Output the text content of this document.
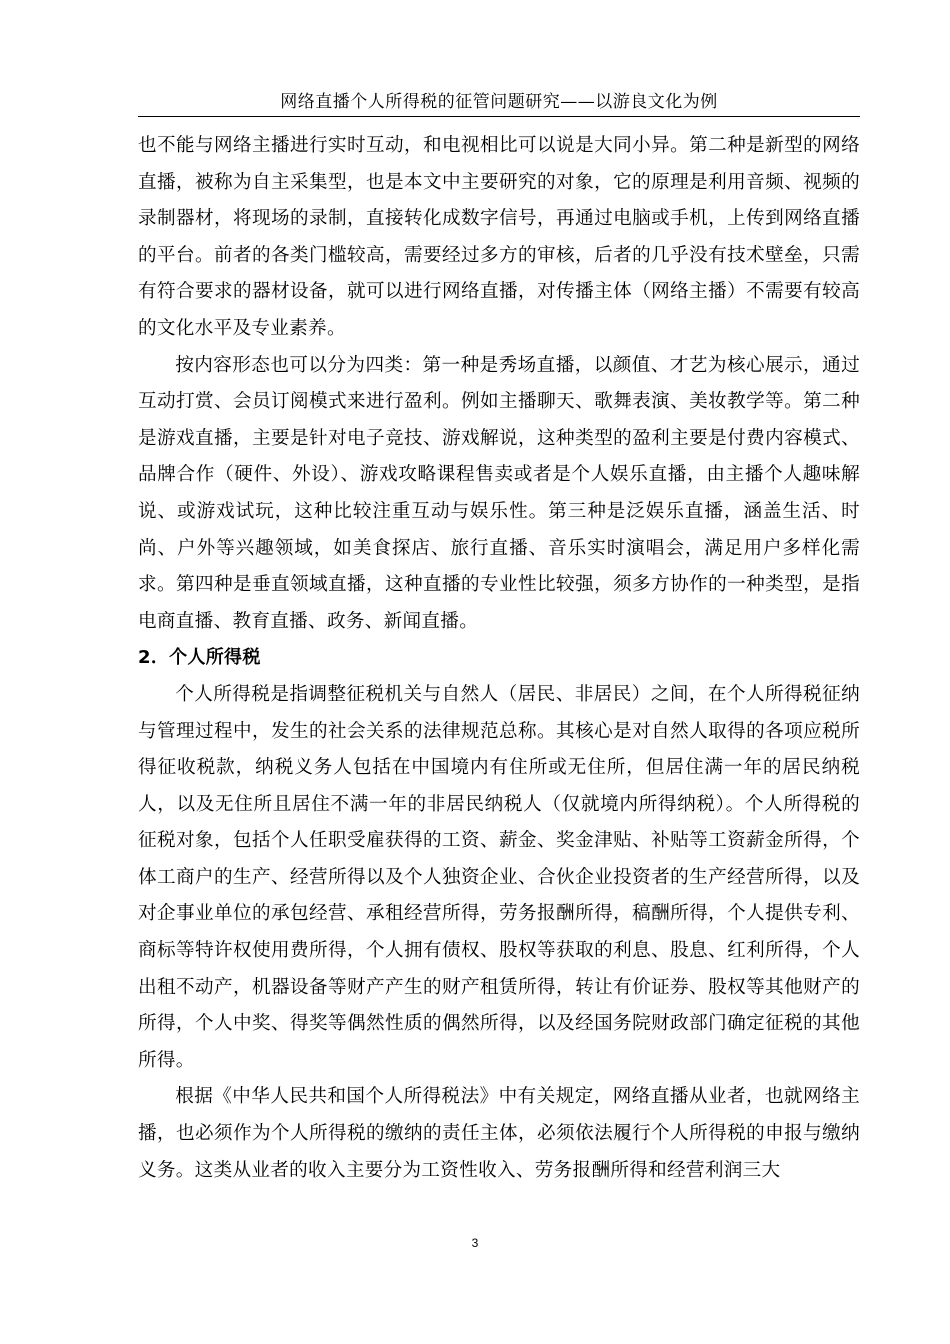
网络直播个人所得税的征管问题研究——以游良文化为例

也不能与网络主播进行实时互动，和电视相比可以说是大同小异。第二种是新型的网络直播，被称为自主采集型，也是本文中主要研究的对象，它的原理是利用音频、视频的录制器材，将现场的录制，直接转化成数字信号，再通过电脑或手机，上传到网络直播的平台。前者的各类门槛较高，需要经过多方的审核，后者的几乎没有技术壁垒，只需有符合要求的器材设备，就可以进行网络直播，对传播主体（网络主播）不需要有较高的文化水平及专业素养。

按内容形态也可以分为四类：第一种是秀场直播，以颜值、才艺为核心展示，通过互动打赏、会员订阅模式来进行盈利。例如主播聊天、歌舞表演、美妆教学等。第二种是游戏直播，主要是针对电子竞技、游戏解说，这种类型的盈利主要是付费内容模式、品牌合作（硬件、外设）、游戏攻略课程售卖或者是个人娱乐直播，由主播个人趣味解说、或游戏试玩，这种比较注重互动与娱乐性。第三种是泛娱乐直播，涵盖生活、时尚、户外等兴趣领域，如美食探店、旅行直播、音乐实时演唱会，满足用户多样化需求。第四种是垂直领域直播，这种直播的专业性比较强，须多方协作的一种类型，是指电商直播、教育直播、政务、新闻直播。

2．个人所得税

个人所得税是指调整征税机关与自然人（居民、非居民）之间，在个人所得税征纳与管理过程中，发生的社会关系的法律规范总称。其核心是对自然人取得的各项应税所得征收税款，纳税义务人包括在中国境内有住所或无住所，但居住满一年的居民纳税人，以及无住所且居住不满一年的非居民纳税人（仅就境内所得纳税）。个人所得税的征税对象，包括个人任职受雇获得的工资、薪金、奖金津贴、补贴等工资薪金所得，个体工商户的生产、经营所得以及个人独资企业、合伙企业投资者的生产经营所得，以及对企事业单位的承包经营、承租经营所得，劳务报酬所得，稿酬所得，个人提供专利、商标等特许权使用费所得，个人拥有债权、股权等获取的利息、股息、红利所得，个人出租不动产，机器设备等财产产生的财产租赁所得，转让有价证券、股权等其他财产的所得，个人中奖、得奖等偶然性质的偶然所得，以及经国务院财政部门确定征税的其他所得。

根据《中华人民共和国个人所得税法》中有关规定，网络直播从业者，也就网络主播，也必须作为个人所得税的缴纳的责任主体，必须依法履行个人所得税的申报与缴纳义务。这类从业者的收入主要分为工资性收入、劳务报酬所得和经营利润三大

3
